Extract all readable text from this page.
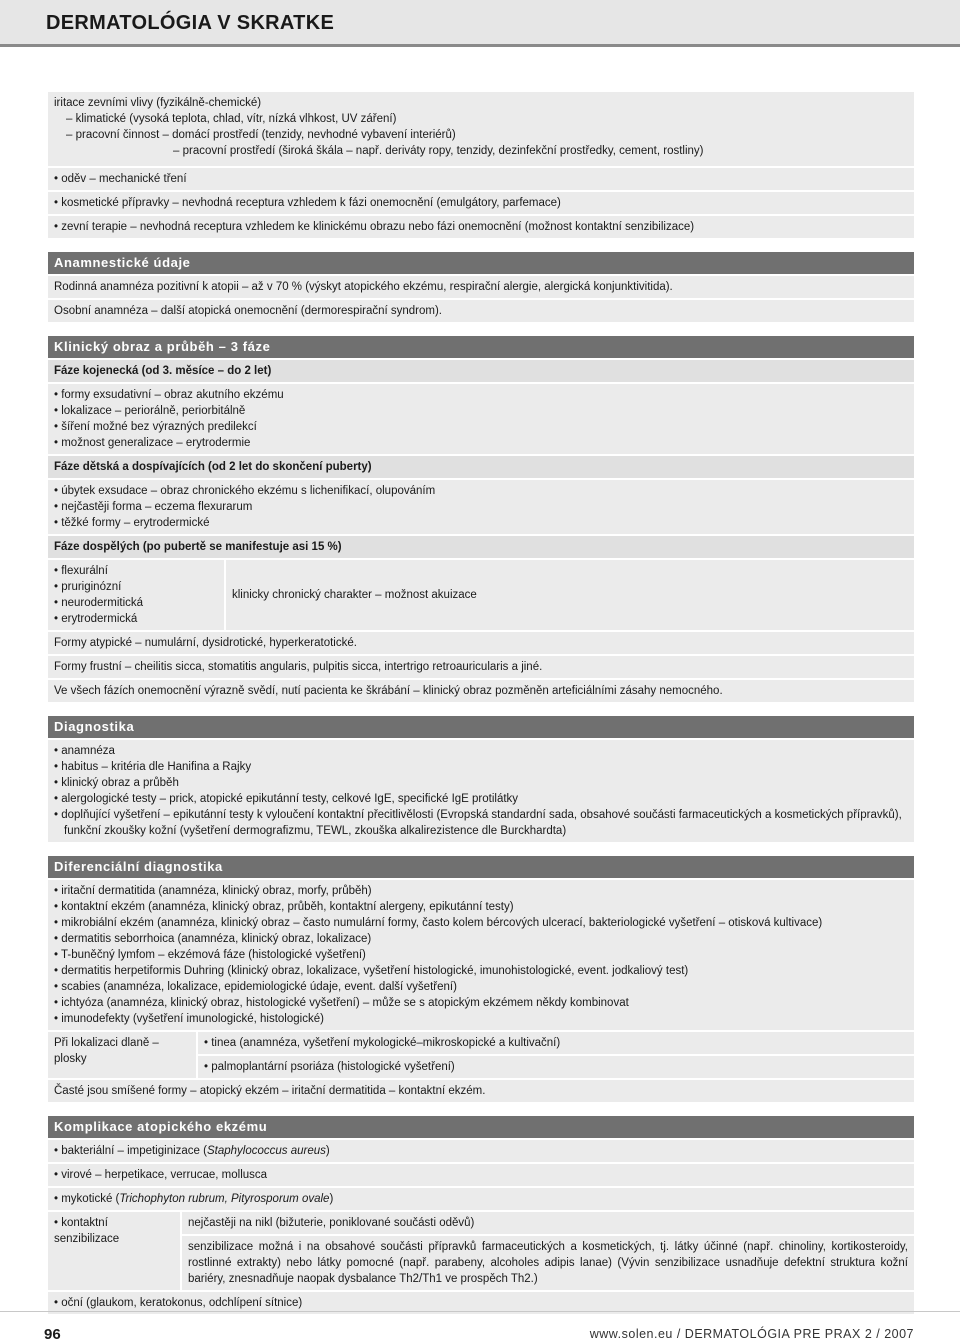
DERMATOLÓGIA V SKRATKE
iritace zevními vlivy (fyzikálně-chemické)
– klimatické (vysoká teplota, chlad, vítr, nízká vlhkost, UV záření)
– pracovní činnost – domácí prostředí (tenzidy, nevhodné vybavení interiérů)
– pracovní prostředí (široká škála – např. deriváty ropy, tenzidy, dezinfekční prostředky, cement, rostliny)
• oděv – mechanické tření
• kosmetické přípravky – nevhodná receptura vzhledem k fázi onemocnění (emulgátory, parfemace)
• zevní terapie – nevhodná receptura vzhledem ke klinickému obrazu nebo fázi onemocnění (možnost kontaktní senzibilizace)
Anamnestické údaje
Rodinná anamnéza pozitivní k atopii – až v 70 % (výskyt atopického ekzému, respirační alergie, alergická konjunktivitida).
Osobní anamnéza – další atopická onemocnění (dermorespirační syndrom).
Klinický obraz a průběh – 3 fáze
Fáze kojenecká (od 3. měsíce – do 2 let)
• formy exsudativní – obraz akutního ekzému
• lokalizace – periorálně, periorbitálně
• šíření možné bez výrazných predilekcí
• možnost generalizace – erytrodermie
Fáze dětská a dospívajících (od 2 let do skončení puberty)
• úbytek exsudace – obraz chronického ekzému s lichenifikací, olupováním
• nejčastěji forma – eczema flexurarum
• těžké formy – erytrodermické
Fáze dospělých (po pubertě se manifestuje asi 15 %)
• flexurální
• pruriginózní
• neurodermitická
• erytrodermická
klinicky chronický charakter – možnost akuizace
Formy atypické – numulární, dysidrotické, hyperkeratotické.
Formy frustní – cheilitis sicca, stomatitis angularis, pulpitis sicca, intertrigo retroauricularis a jiné.
Ve všech fázích onemocnění výrazně svědí, nutí pacienta ke škrábání – klinický obraz pozměněn arteficiálními zásahy nemocného.
Diagnostika
• anamnéza
• habitus – kritéria dle Hanifina a Rajky
• klinický obraz a průběh
• alergologické testy – prick, atopické epikutánní testy, celkové IgE, specifické IgE protilátky
• doplňující vyšetření – epikutánní testy k vyloučení kontaktní přecitlivělosti (Evropská standardní sada, obsahové součásti farmaceutických a kosmetických přípravků), funkční zkoušky kožní (vyšetření dermografizmu, TEWL, zkouška alkalirezistence dle Burckhardta)
Diferenciální diagnostika
• iritační dermatitida (anamnéza, klinický obraz, morfy, průběh)
• kontaktní ekzém (anamnéza, klinický obraz, průběh, kontaktní alergeny, epikutánní testy)
• mikrobiální ekzém (anamnéza, klinický obraz – často numulární formy, často kolem bércových ulcerací, bakteriologické vyšetření – otisková kultivace)
• dermatitis seborrhoica (anamnéza, klinický obraz, lokalizace)
• T-buněčný lymfom – ekzémová fáze (histologické vyšetření)
• dermatitis herpetiformis Duhring (klinický obraz, lokalizace, vyšetření histologické, imunohistologické, event. jodkaliový test)
• scabies (anamnéza, lokalizace, epidemiologické údaje, event. další vyšetření)
• ichtyóza (anamnéza, klinický obraz, histologické vyšetření) – může se s atopickým ekzémem někdy kombinovat
• imunodefekty (vyšetření imunologické, histologické)
Při lokalizaci dlaně – plosky
• tinea (anamnéza, vyšetření mykologické–mikroskopické a kultivační)
• palmoplantární psoriáza (histologické vyšetření)
Časté jsou smíšené formy – atopický ekzém – iritační dermatitida – kontaktní ekzém.
Komplikace atopického ekzému
• bakteriální – impetiginizace (Staphylococcus aureus)
• virové – herpetikace, verrucae, mollusca
• mykotické (Trichophyton rubrum, Pityrosporum ovale)
• kontaktní senzibilizace
nejčastěji na nikl (bižuterie, poniklované součásti oděvů)
senzibilizace možná i na obsahové součásti přípravků farmaceutických a kosmetických, tj. látky účinné (např. chinoliny, kortikosteroidy, rostlinné extrakty) nebo látky pomocné (např. parabeny, alcoholes adipis lanae) (Vývin senzibilizace usnadňuje defektní struktura kožní bariéry, znesnadňuje naopak dysbalance Th2/Th1 ve prospěch Th2.)
• oční (glaukom, keratokonus, odchlípení sítnice)
96	www.solen.eu / DERMATOLÓGIA PRE PRAX 2 / 2007
